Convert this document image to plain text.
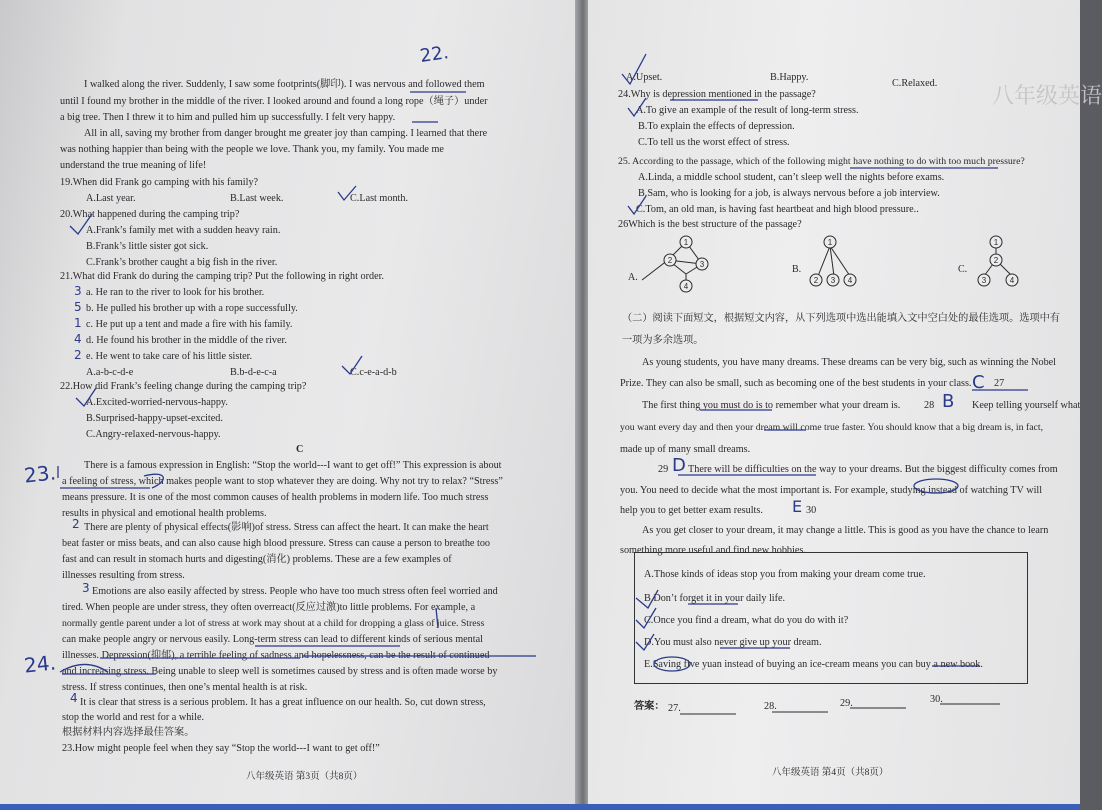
22.
I walked along the river. Suddenly, I saw some footprints(脚印). I was nervous and followed them
until I found my brother in the middle of the river. I looked around and found a long rope（绳子）under
a big tree. Then I threw it to him and pulled him up successfully. I felt very happy.
All in all, saving my brother from danger brought me greater joy than camping. I learned that there
was nothing happier than being with the people we love. Thank you, my family. You made me
understand the true meaning of life!
19.When did Frank go camping with his family?
A.Last year.	B.Last week.	C.Last month.
20.What happened during the camping trip?
A.Frank’s family met with a sudden heavy rain.
B.Frank’s little sister got sick.
C.Frank’s brother caught a big fish in the river.
21.What did Frank do during the camping trip? Put the following in right order.
3 a. He ran to the river to look for his brother.
5 b. He pulled his brother up with a rope successfully.
1 c. He put up a tent and made a fire with his family.
4 d. He found his brother in the middle of the river.
2 e. He went to take care of his little sister.
A.a-b-c-d-e	B.b-d-e-c-a	C.c-e-a-d-b
22.How did Frank’s feeling change during the camping trip?
A.Excited-worried-nervous-happy.
B.Surprised-happy-upset-excited.
C.Angry-relaxed-nervous-happy.
C
23.	There is a famous expression in English: “Stop the world---I want to get off!” This expression is about
a feeling of stress, which makes people want to stop whatever they are doing. Why not try to relax? “Stress”
means pressure. It is one of the most common causes of health problems in modern life. Too much stress
results in physical and emotional health problems.
2 There are plenty of physical effects(影响)of stress. Stress can affect the heart. It can make the heart
beat faster or miss beats, and can also cause high blood pressure. Stress can cause a person to breathe too
fast and can result in stomach hurts and digesting(消化) problems. These are a few examples of
illnesses resulting from stress.
3 Emotions are also easily affected by stress. People who have too much stress often feel worried and
tired. When people are under stress, they often overreact(反应过激)to little problems. For example, a
normally gentle parent under a lot of stress at work may shout at a child for dropping a glass of juice. Stress
can make people angry or nervous easily. Long-term stress can lead to different kinds of serious mental
24. illnesses. Depression(抑郁), a terrible feeling of sadness and hopelessness, can be the result of continued
and increasing stress. Being unable to sleep well is sometimes caused by stress and is often made worse by
stress. If stress continues, then one’s mental health is at risk.
4 It is clear that stress is a serious problem. It has a great influence on our health. So, cut down stress,
stop the world and rest for a while.
根据材料内容选择最佳答案。
23.How might people feel when they say “Stop the world---I want to get off!”
八年级英语 第3页（共8页）
A.Upset.	B.Happy.
C.Relaxed.
24.Why is depression mentioned in the passage?
A.To give an example of the result of long-term stress.
B.To explain the effects of depression.
C.To tell us the worst effect of stress.
25. According to the passage, which of the following might have nothing to do with too much pressure?
A.Linda, a middle school student, can’t sleep well the nights before exams.
B.Sam, who is looking for a job, is always nervous before a job interview.
C.Tom, an old man, is having fast heartbeat and high blood pressure..
26Which is the best structure of the passage?
1
2	3
4
A.
1
2 3 4
B.
1
2
3	4
C.
（二）阅读下面短文，根据短文内容，从下列选项中选出能填入文中空白处的最佳选项。选项中有
一项为多余选项。
As young students, you have many dreams. These dreams can be very big, such as winning the Nobel
Prize. They can also be small, such as becoming one of the best students in your class. 27
The first thing you must do is to remember what your dream is. 28	Keep telling yourself what
you want every day and then your dream will come true faster. You should know that a big dream is, in fact,
made up of many small dreams.
29 There will be difficulties on the way to your dreams. But the biggest difficulty comes from
you. You need to decide what the most important is. For example, studying instead of watching TV will
help you to get better exam results.	30
As you get closer to your dream, it may change a little. This is good as you have the chance to learn
something more useful and find new hobbies.
C
B
D
E
A.Those kinds of ideas stop you from making your dream come true.
B.Don’t forget it in your daily life.
C.Once you find a dream, what do you do with it?
D.You must also never give up your dream.
E.Saving five yuan instead of buying an ice-cream means you can buy a new book.
答案： 27.	28.	29.	30.
八年级英语 第4页（共8页）
八年级英语
